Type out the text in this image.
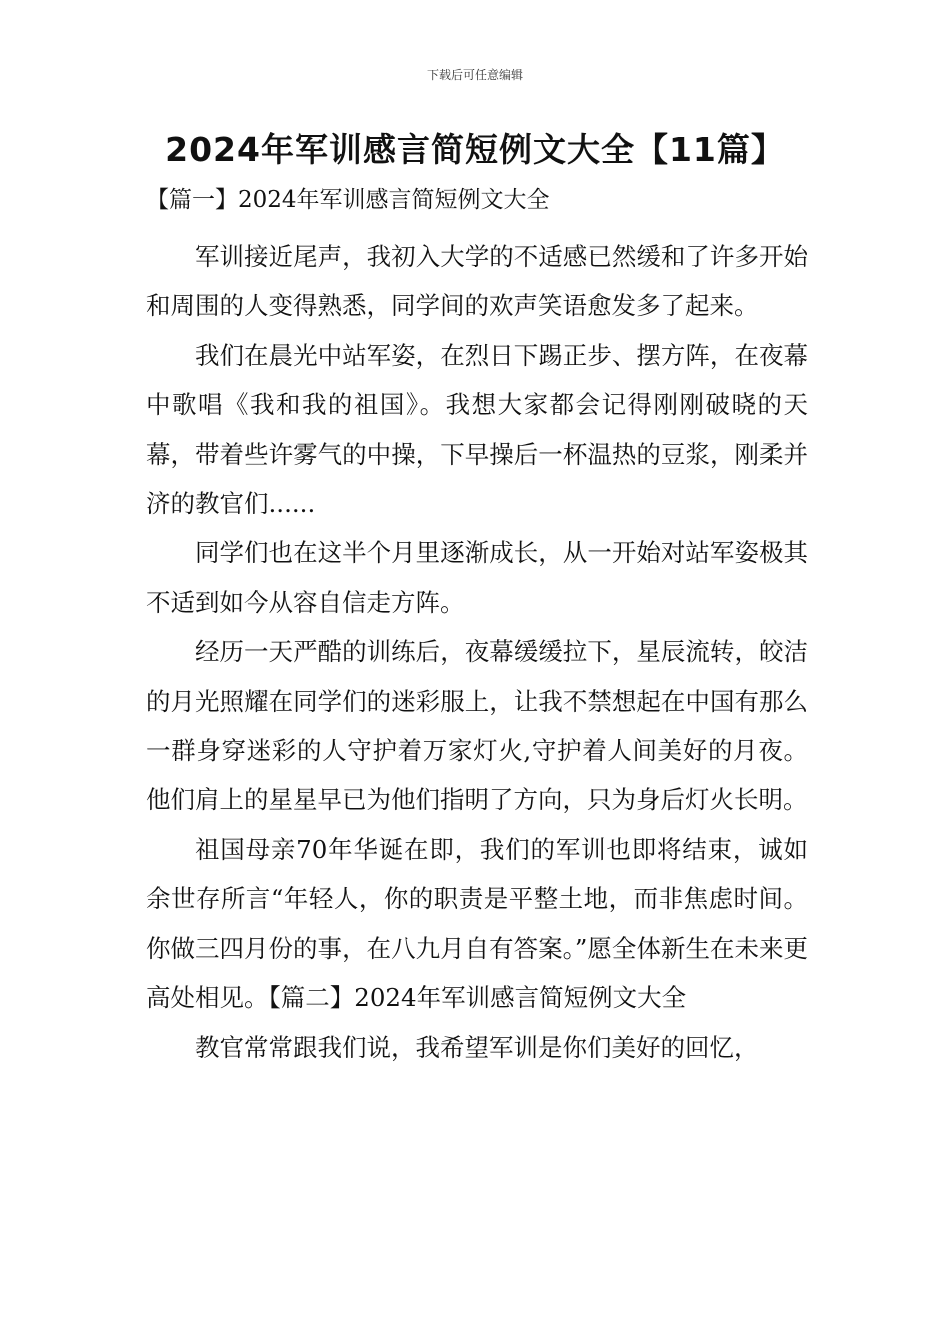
下载后可任意编辑
2024年军训感言简短例文大全【11篇】

【篇一】2024年军训感言简短例文大全

军训接近尾声，我初入大学的不适感已然缓和了许多开始和周围的人变得熟悉，同学间的欢声笑语愈发多了起来。

我们在晨光中站军姿，在烈日下踢正步、摆方阵，在夜幕中歌唱《我和我的祖国》。我想大家都会记得刚刚破晓的天幕，带着些许雾气的中操，下早操后一杯温热的豆浆，刚柔并济的教官们......

同学们也在这半个月里逐渐成长，从一开始对站军姿极其不适到如今从容自信走方阵。

经历一天严酷的训练后，夜幕缓缓拉下，星辰流转，皎洁的月光照耀在同学们的迷彩服上，让我不禁想起在中国有那么一群身穿迷彩的人守护着万家灯火,守护着人间美好的月夜。他们肩上的星星早已为他们指明了方向，只为身后灯火长明。

祖国母亲70年华诞在即，我们的军训也即将结束，诚如余世存所言“年轻人，你的职责是平整土地，而非焦虑时间。你做三四月份的事，在八九月自有答案。”愿全体新生在未来更高处相见。【篇二】2024年军训感言简短例文大全

教官常常跟我们说，我希望军训是你们美好的回忆，
